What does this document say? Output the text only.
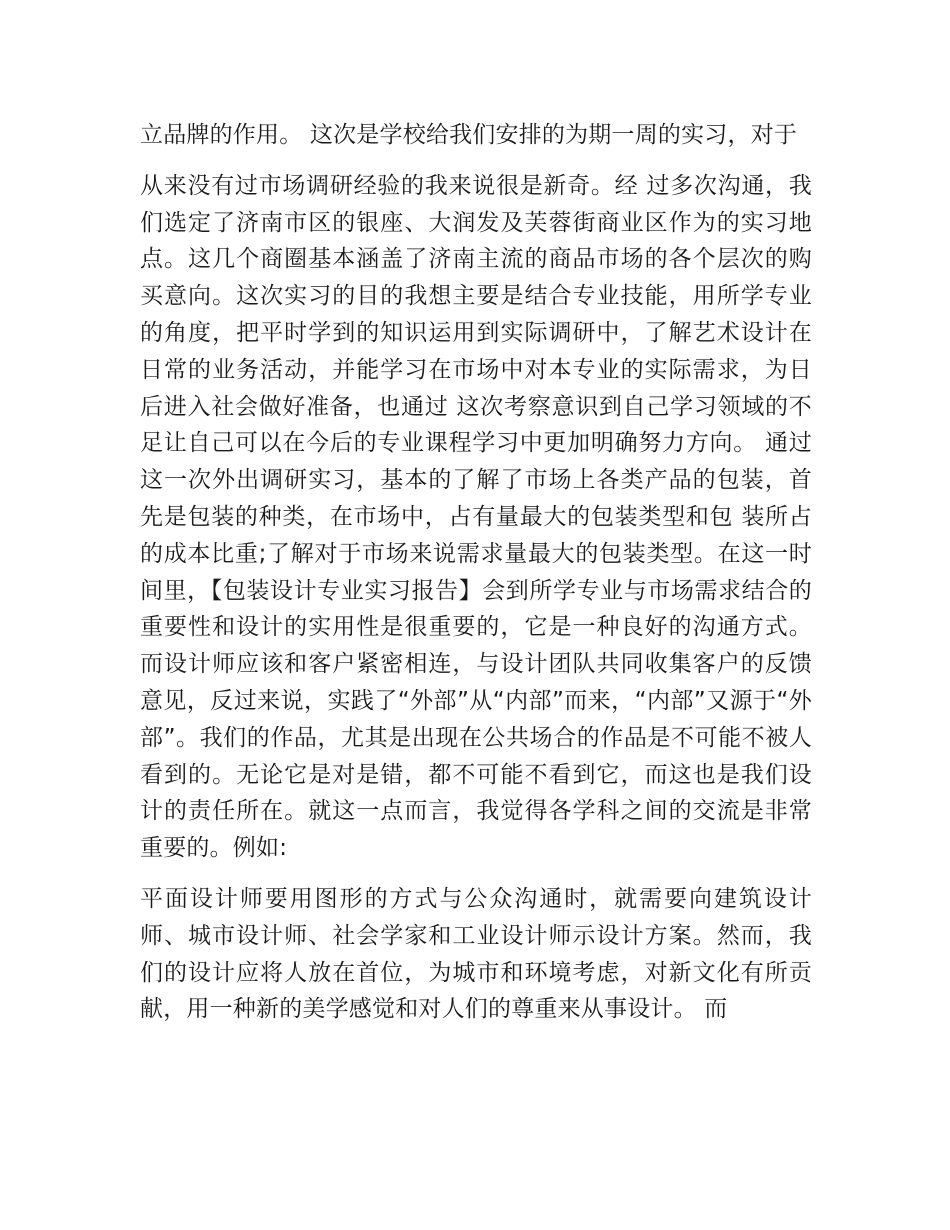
立品牌的作用。 这次是学校给我们安排的为期一周的实习，对于

从来没有过市场调研经验的我来说很是新奇。经 过多次沟通，我们选定了济南市区的银座、大润发及芙蓉街商业区作为的实习地点。这几个商圈基本涵盖了济南主流的商品市场的各个层次的购买意向。这次实习的目的我想主要是结合专业技能，用所学专业的角度，把平时学到的知识运用到实际调研中，了解艺术设计在日常的业务活动，并能学习在市场中对本专业的实际需求，为日后进入社会做好准备，也通过 这次考察意识到自己学习领域的不足让自己可以在今后的专业课程学习中更加明确努力方向。 通过这一次外出调研实习，基本的了解了市场上各类产品的包装，首先是包装的种类，在市场中，占有量最大的包装类型和包 装所占的成本比重;了解对于市场来说需求量最大的包装类型。在这一时间里，【包装设计专业实习报告】会到所学专业与市场需求结合的重要性和设计的实用性是很重要的，它是一种良好的沟通方式。而设计师应该和客户紧密相连，与设计团队共同收集客户的反馈意见，反过来说，实践了“外部”从“内部”而来，“内部”又源于“外部”。我们的作品，尤其是出现在公共场合的作品是不可能不被人看到的。无论它是对是错，都不可能不看到它，而这也是我们设计的责任所在。就这一点而言，我觉得各学科之间的交流是非常重要的。例如:

平面设计师要用图形的方式与公众沟通时，就需要向建筑设计师、城市设计师、社会学家和工业设计师示设计方案。然而，我们的设计应将人放在首位，为城市和环境考虑，对新文化有所贡献，用一种新的美学感觉和对人们的尊重来从事设计。 而
